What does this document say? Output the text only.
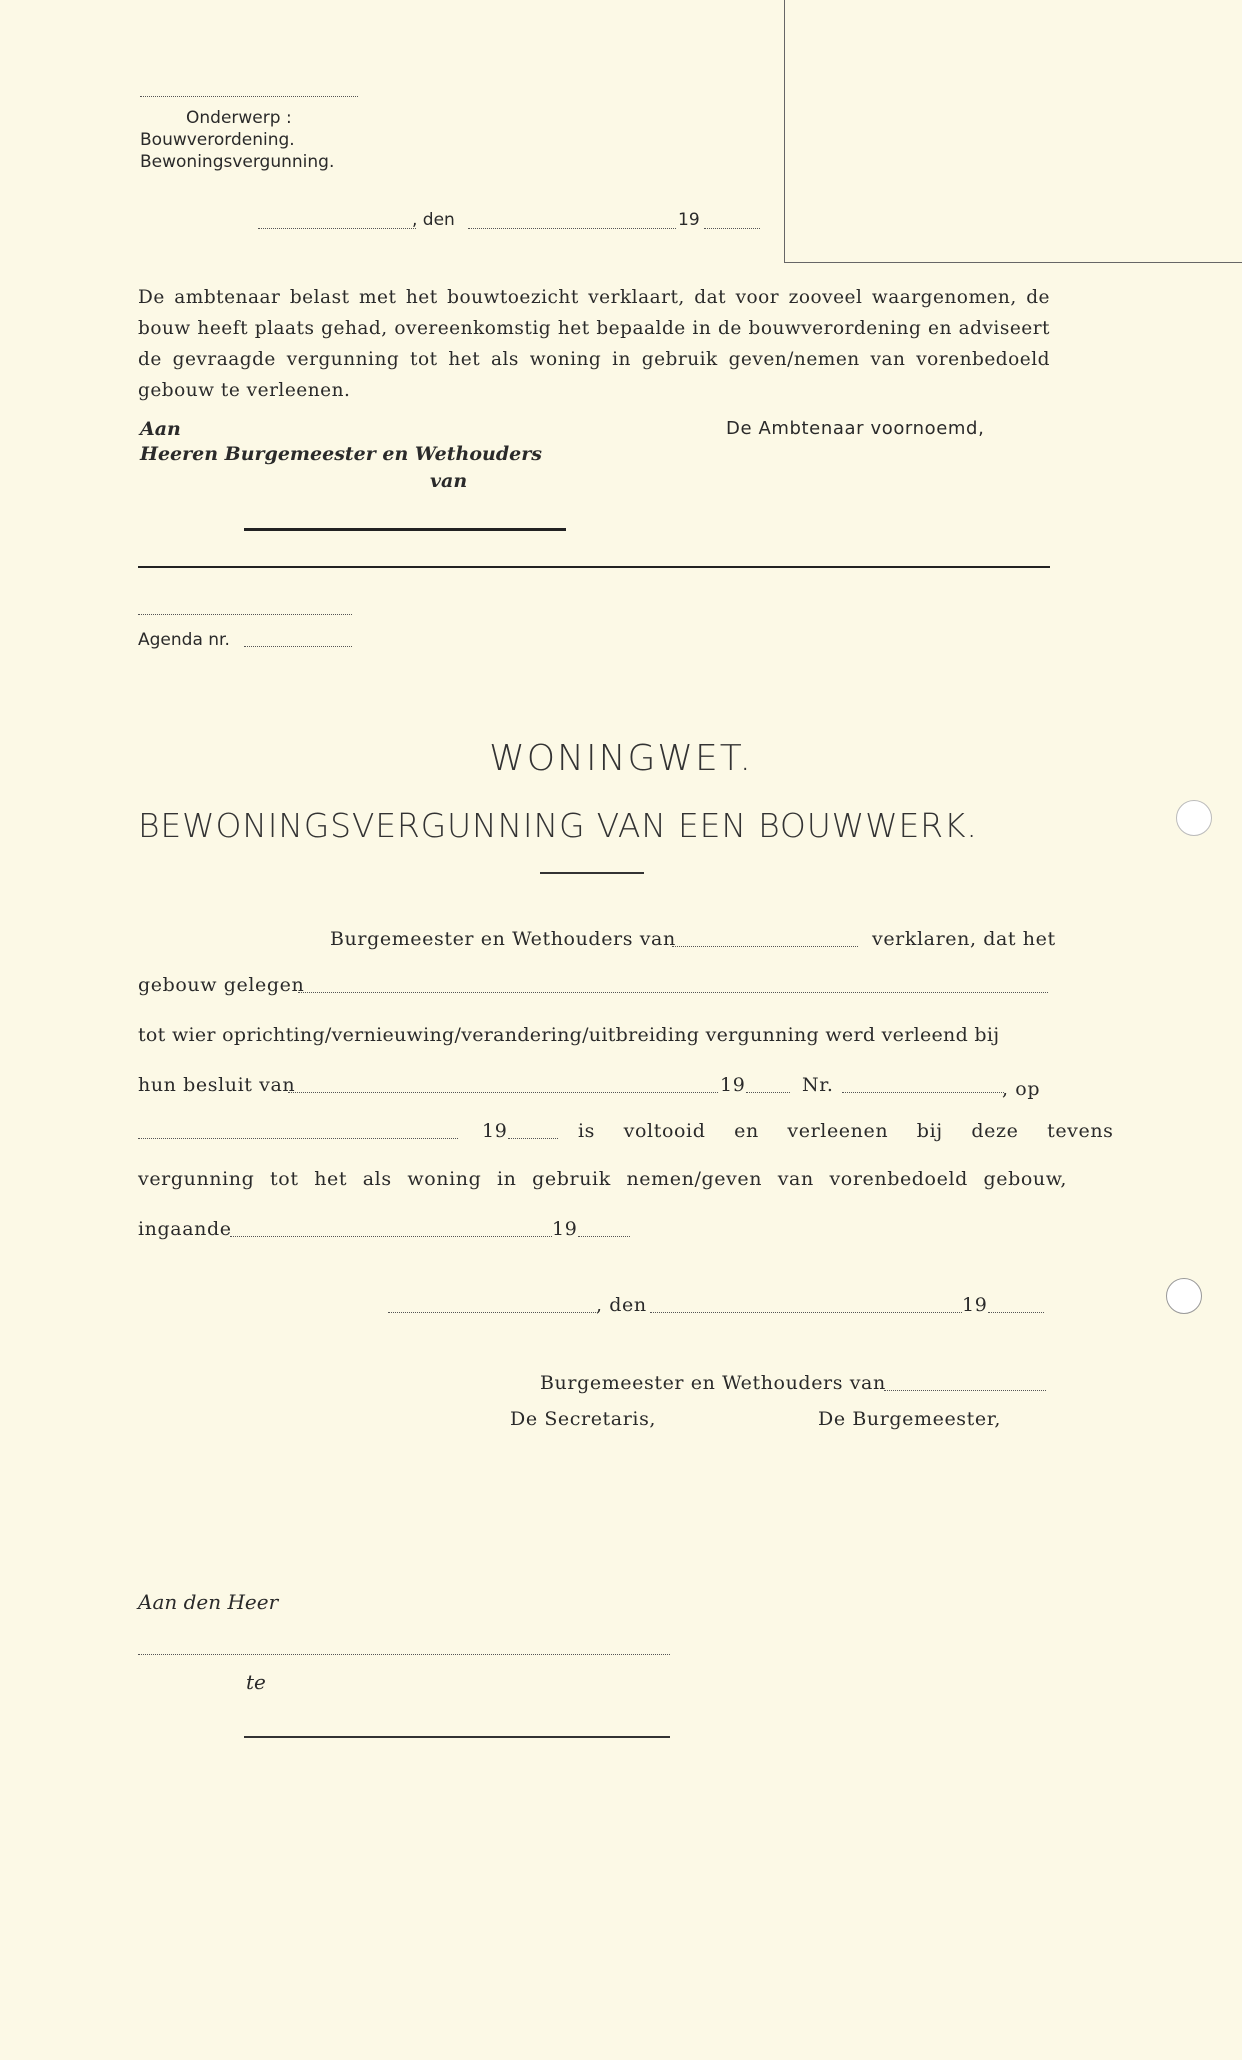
Onderwerp :
Bouwverordening.
Bewoningsvergunning.
, den	19
De ambtenaar belast met het bouwtoezicht verklaart, dat voor zooveel waargenomen, de bouw heeft plaats gehad, overeenkomstig het bepaalde in de bouwverordening en adviseert de gevraagde vergunning tot het als woning in gebruik geven/nemen van vorenbedoeld gebouw te verleenen.
Aan
Heeren Burgemeester en Wethouders
van
De Ambtenaar voornoemd,
Agenda nr.
WONINGWET.
BEWONINGSVERGUNNING VAN EEN BOUWWERK.
Burgemeester en Wethouders van	verklaren, dat het
gebouw gelegen
tot wier oprichting/vernieuwing/verandering/uitbreiding vergunning werd verleend bij
hun besluit van	19	Nr.	, op
19	is voltooid en verleenen bij deze tevens
vergunning tot het als woning in gebruik nemen/geven van vorenbedoeld gebouw,
ingaande	19
, den	19
Burgemeester en Wethouders van
De Secretaris,	De Burgemeester,
Aan den Heer
te
